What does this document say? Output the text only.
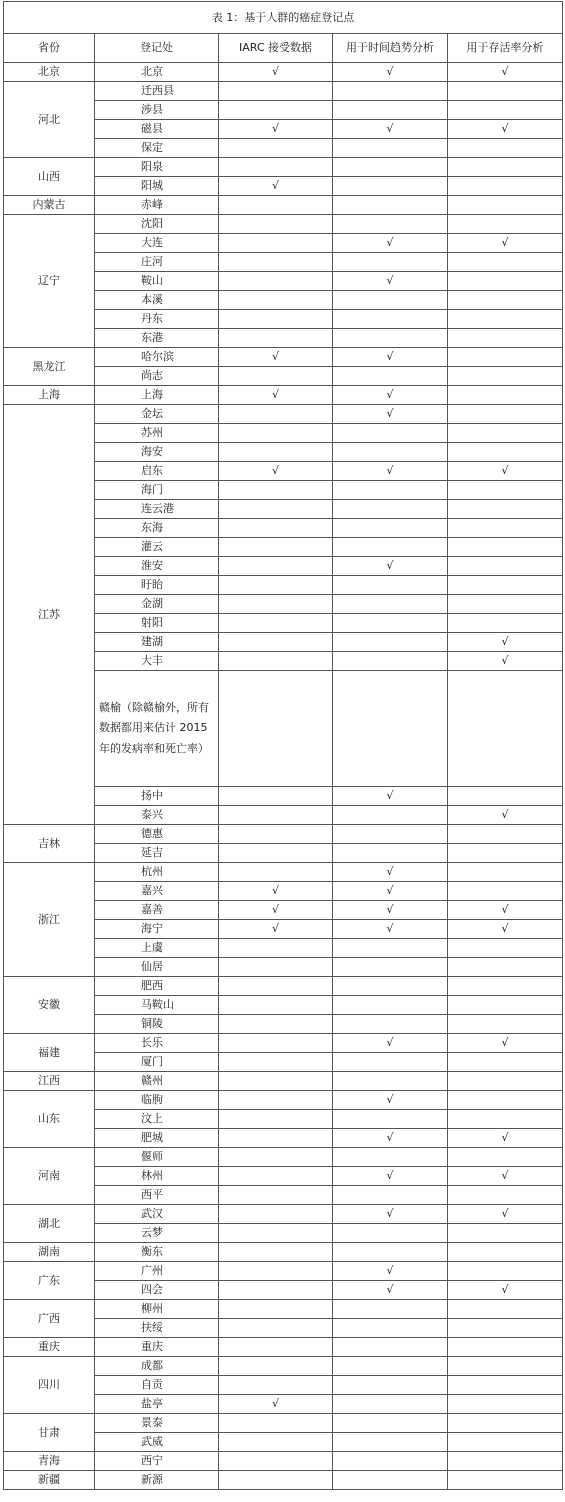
表 1：基于人群的癌症登记点				
省份	登记处	IARC 接受数据	用于时间趋势分析	用于存活率分析
北京	北京	√	√	√
河北	迁西县			
	涉县			
	磁县	√	√	√
	保定			
山西	阳泉			
	阳城	√		
内蒙古	赤峰			
辽宁	沈阳			
	大连		√	√
	庄河			
	鞍山		√	
	本溪			
	丹东			
	东港			
黑龙江	哈尔滨	√	√	
	尚志			
上海	上海	√	√	
江苏	金坛		√	
	苏州			
	海安			
	启东	√	√	√
	海门			
	连云港			
	东海			
	灌云			
	淮安		√	
	盱眙			
	金湖			
	射阳			
	建湖			√
	大丰			√
	赣榆（除赣榆外，所有数据都用来估计 2015 年的发病率和死亡率）			
	扬中		√	
	泰兴			√
吉林	德惠			
	延吉			
浙江	杭州		√	
	嘉兴	√	√	
	嘉善	√	√	√
	海宁	√	√	√
	上虞			
	仙居			
安徽	肥西			
	马鞍山			
	铜陵			
福建	长乐		√	√
	厦门			
江西	赣州			
山东	临朐		√	
	汶上			
	肥城		√	√
河南	偃师			
	林州		√	√
	西平			
湖北	武汉		√	√
	云梦			
湖南	衡东			
广东	广州		√	
	四会		√	√
广西	柳州			
	扶绥			
重庆	重庆			
四川	成都			
	自贡			
	盐亭	√		
甘肃	景泰			
	武威			
青海	西宁			
新疆	新源			
